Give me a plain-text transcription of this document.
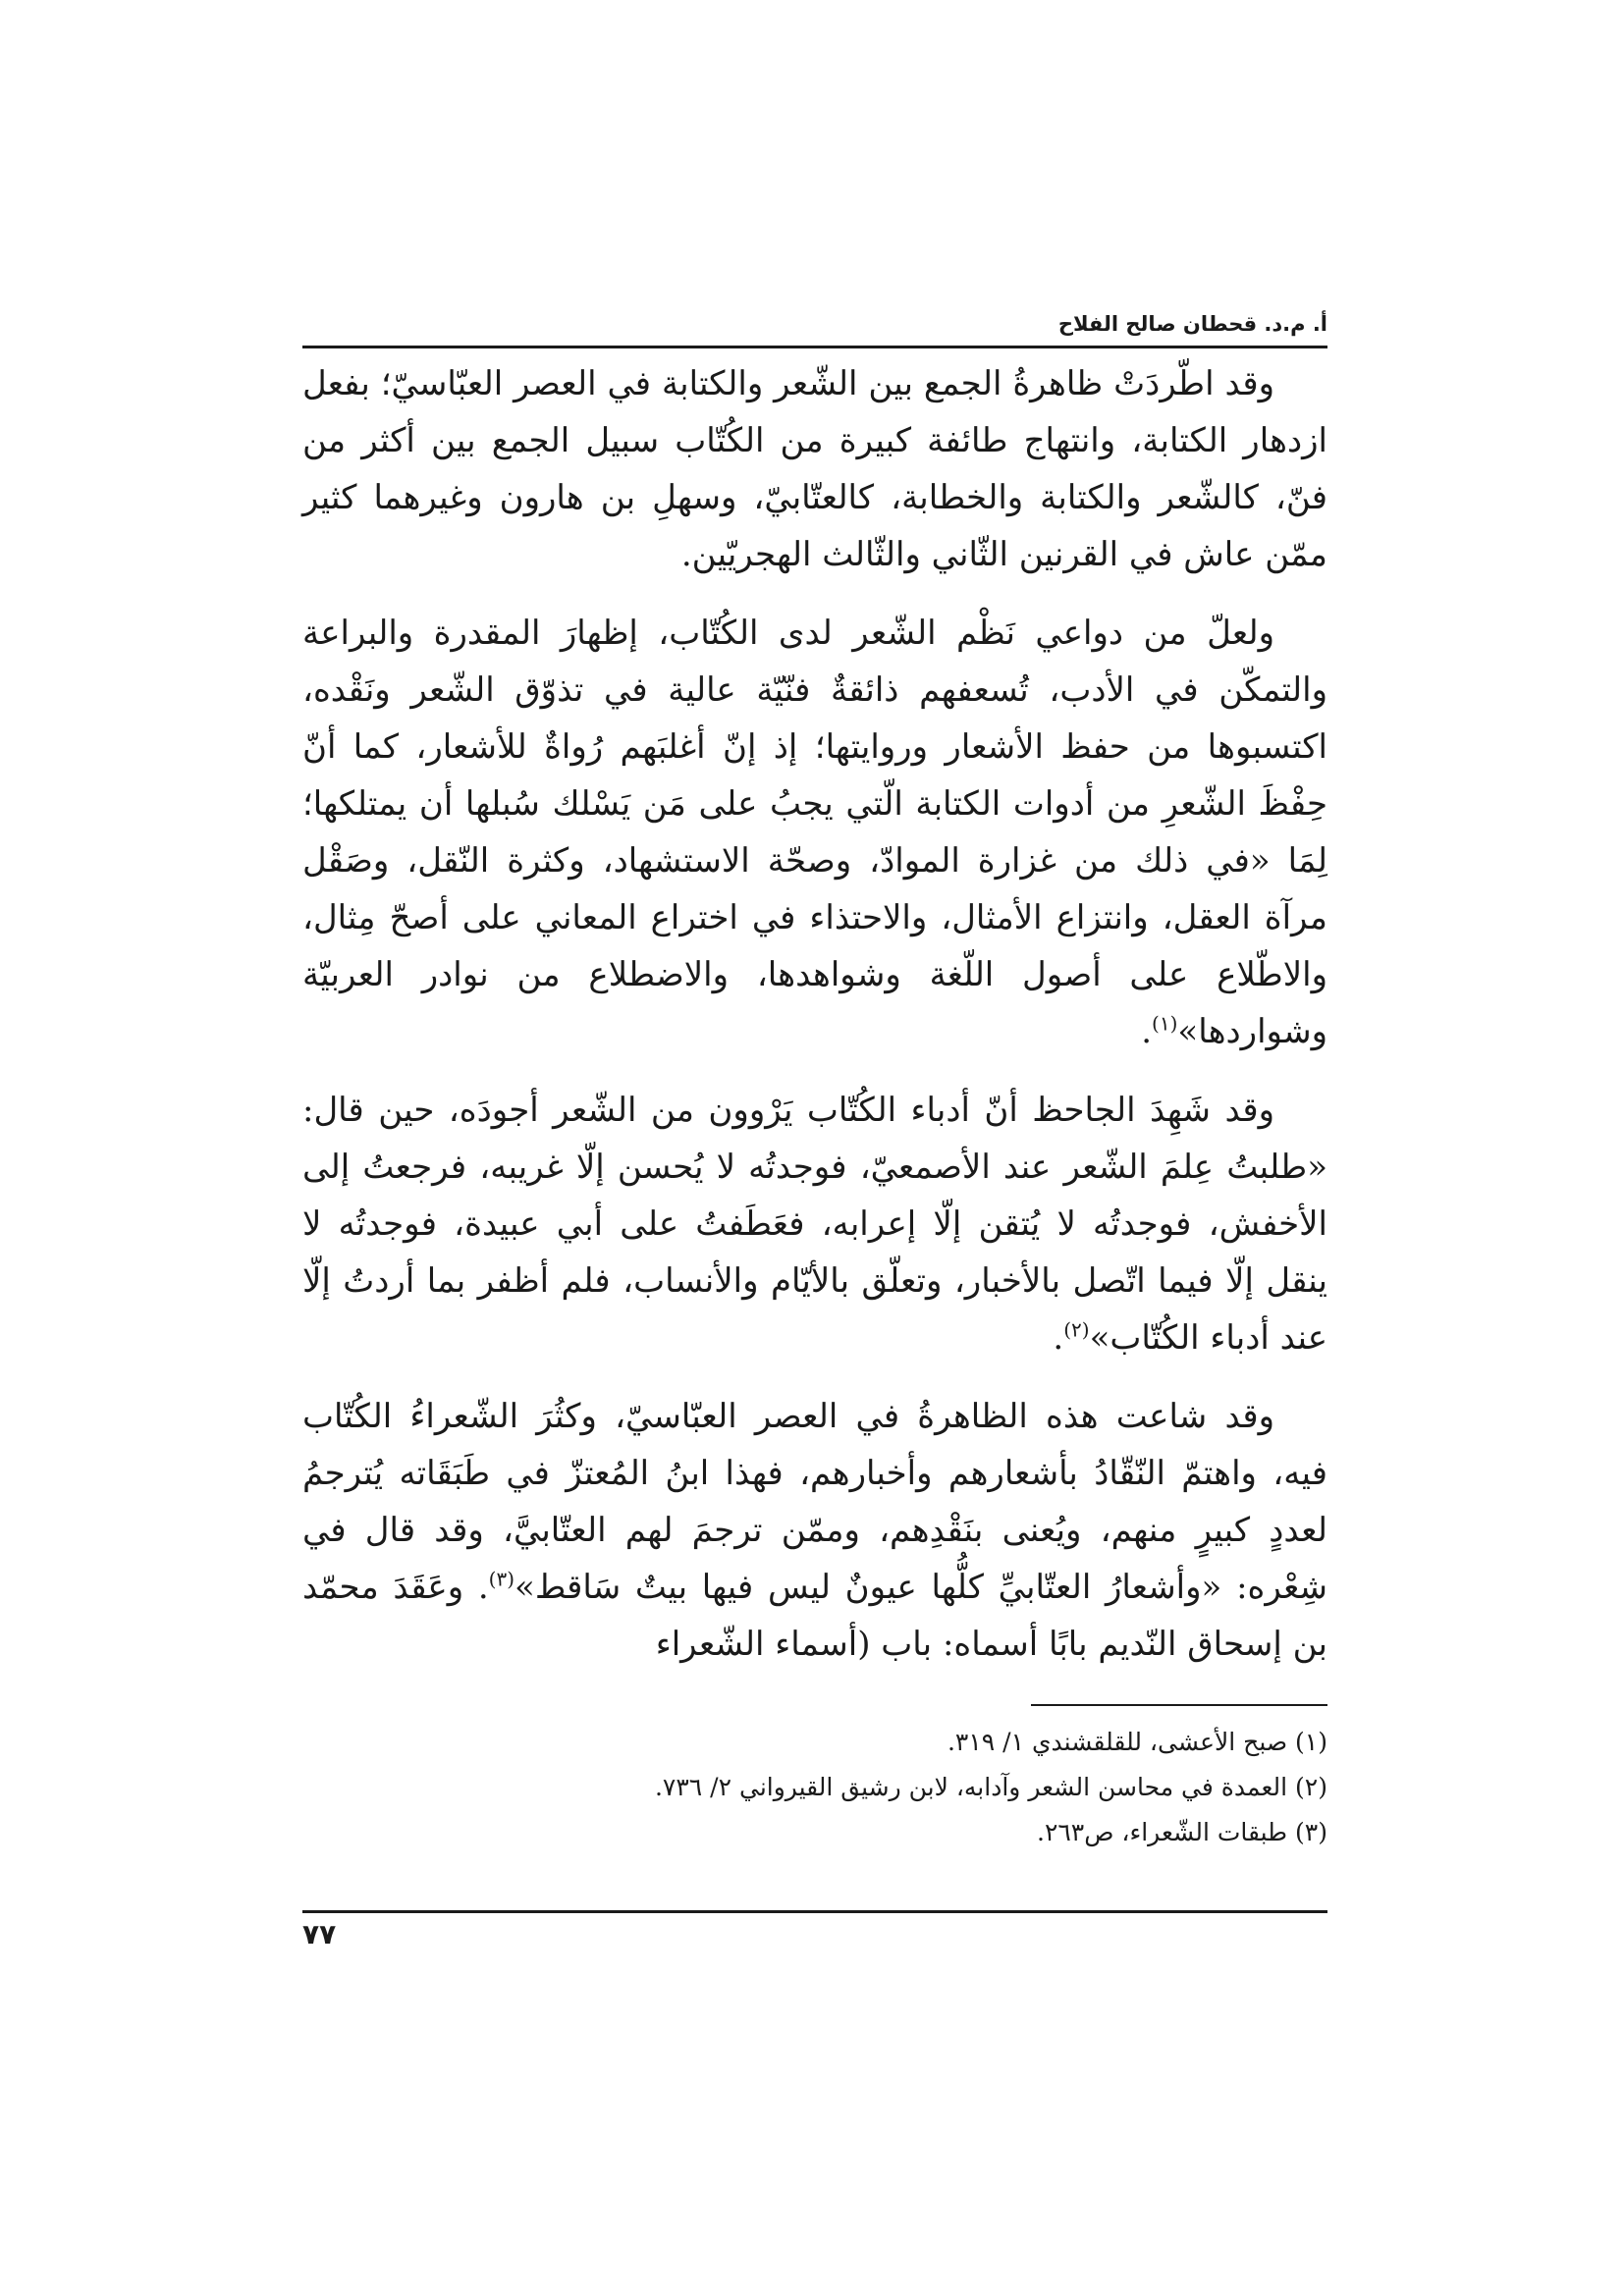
أ. م.د. قحطان صالح الفلاح

وقد اطّردَتْ ظاهرةُ الجمع بين الشّعر والكتابة في العصر العبّاسيّ؛ بفعل ازدهار الكتابة، وانتهاج طائفة كبيرة من الكُتّاب سبيل الجمع بين أكثر من فنّ، كالشّعر والكتابة والخطابة، كالعتّابيّ، وسهلِ بن هارون وغيرهما كثير ممّن عاش في القرنين الثّاني والثّالث الهجريّين.

ولعلّ من دواعي نَظْم الشّعر لدى الكُتّاب، إظهارَ المقدرة والبراعة والتمكّن في الأدب، تُسعفهم ذائقةٌ فنّيّة عالية في تذوّق الشّعر ونَقْده، اكتسبوها من حفظ الأشعار وروايتها؛ إذ إنّ أغلبَهم رُواةٌ للأشعار، كما أنّ حِفْظَ الشّعرِ من أدوات الكتابة الّتي يجبُ على مَن يَسْلك سُبلها أن يمتلكها؛ لِمَا «في ذلك من غزارة الموادّ، وصحّة الاستشهاد، وكثرة النّقل، وصَقْل مرآة العقل، وانتزاع الأمثال، والاحتذاء في اختراع المعاني على أصحّ مِثال، والاطّلاع على أصول اللّغة وشواهدها، والاضطلاع من نوادر العربيّة وشواردها»$^{(١)}$.

وقد شَهِدَ الجاحظ أنّ أدباء الكُتّاب يَرْوون من الشّعر أجودَه، حين قال: «طلبتُ عِلمَ الشّعر عند الأصمعيّ، فوجدتُه لا يُحسن إلّا غريبه، فرجعتُ إلى الأخفش، فوجدتُه لا يُتقن إلّا إعرابه، فعَطَفتُ على أبي عبيدة، فوجدتُه لا ينقل إلّا فيما اتّصل بالأخبار، وتعلّق بالأيّام والأنساب، فلم أظفر بما أردتُ إلّا عند أدباء الكُتّاب»$^{(٢)}$.

وقد شاعت هذه الظاهرةُ في العصر العبّاسيّ، وكثُرَ الشّعراءُ الكُتّاب فيه، واهتمّ النّقّادُ بأشعارهم وأخبارهم، فهذا ابنُ المُعتزّ في طَبَقَاته يُترجمُ لعددٍ كبيرٍ منهم، ويُعنى بنَقْدِهم، وممّن ترجمَ لهم العتّابيَّ، وقد قال في شِعْره: «وأشعارُ العتّابيِّ كلُّها عيونٌ ليس فيها بيتٌ سَاقط»$^{(٣)}$. وعَقَدَ محمّد بن إسحاق النّديم بابًا أسماه: باب (أسماء الشّعراء

(١) صبح الأعشى، للقلقشندي ١/ ٣١٩.

(٢) العمدة في محاسن الشعر وآدابه، لابن رشيق القيرواني ٢/ ٧٣٦.

(٣) طبقات الشّعراء، ص٢٦٣.

٧٧
